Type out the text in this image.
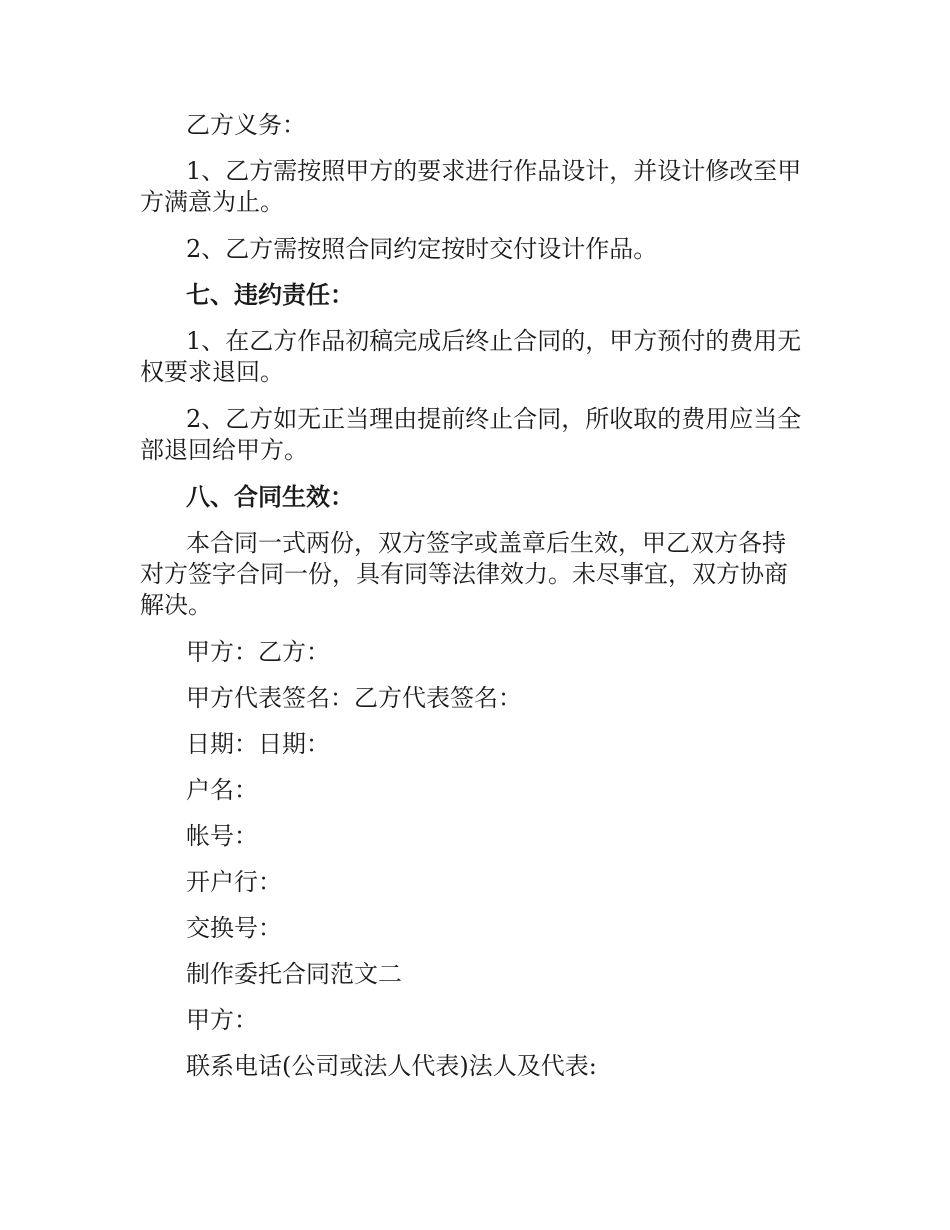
乙方义务：

1、乙方需按照甲方的要求进行作品设计，并设计修改至甲方满意为止。

2、乙方需按照合同约定按时交付设计作品。

七、违约责任：

1、在乙方作品初稿完成后终止合同的，甲方预付的费用无权要求退回。

2、乙方如无正当理由提前终止合同，所收取的费用应当全部退回给甲方。

八、合同生效：

本合同一式两份，双方签字或盖章后生效，甲乙双方各持对方签字合同一份，具有同等法律效力。未尽事宜，双方协商解决。

甲方：乙方：

甲方代表签名：乙方代表签名：

日期：日期：

户名：

帐号：

开户行：

交换号：

制作委托合同范文二

甲方：

联系电话(公司或法人代表)法人及代表:
